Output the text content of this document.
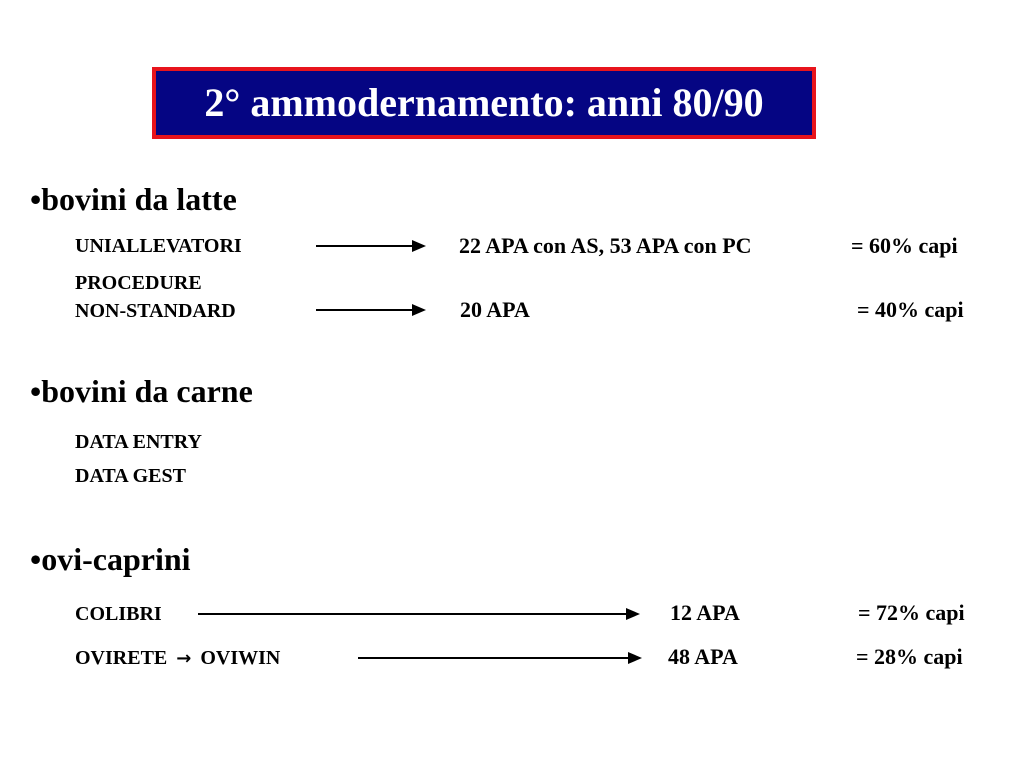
2° ammodernamento: anni 80/90
•bovini da latte
UNIALLEVATORI	22 APA con AS, 53 APA con PC	= 60% capi
PROCEDURE
NON-STANDARD	20 APA	= 40% capi
•bovini da carne
DATA ENTRY
DATA GEST
•ovi-caprini
COLIBRI	12 APA	= 72% capi
OVIRETE → OVIWIN	48 APA	= 28% capi
